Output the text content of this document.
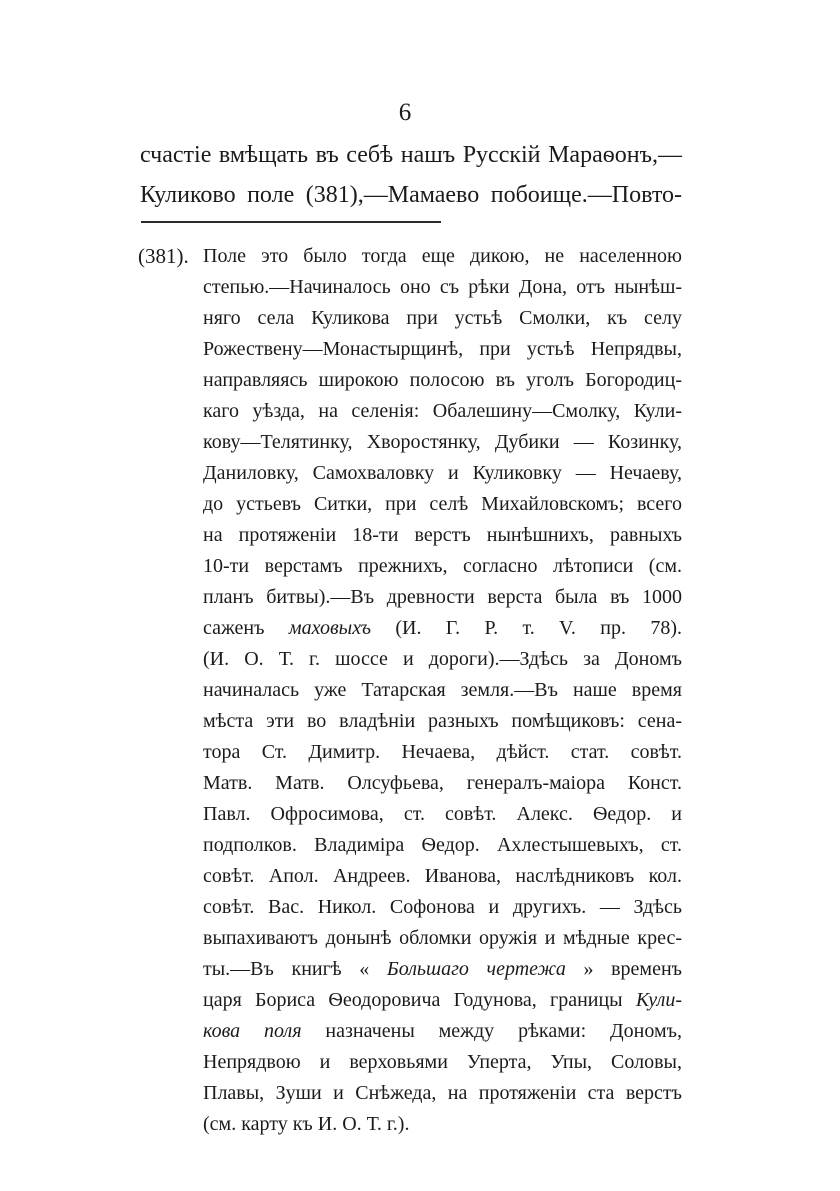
6
счастіе вмѣщать въ себѣ нашъ Русскій Мараѳонъ,—
Куликово поле (381),—Мамаево побоище.—Повто-
(381). Поле это было тогда еще дикою, не населенною
степью.—Начиналось оно съ рѣки Дона, отъ нынѣш-
няго села Куликова при устьѣ Смолки, къ селу
Рожествену—Монастырщинѣ, при устьѣ Непрядвы,
направляясь широкою полосою въ уголъ Богородиц-
каго уѣзда, на селенія: Обалешину—Смолку, Кули-
кову—Телятинку, Хворостянку, Дубики — Козинку,
Даниловку, Самохваловку и Куликовку — Нечаеву,
до устьевъ Ситки, при селѣ Михайловскомъ; всего
на протяженіи 18-ти верстъ нынѣшнихъ, равныхъ
10-ти верстамъ прежнихъ, согласно лѣтописи (см.
планъ битвы).—Въ древности верста была въ 1000
саженъ маховыхъ (И. Г. Р. т. V. пр. 78).
(И. О. Т. г. шоссе и дороги).—Здѣсь за Дономъ
начиналась уже Татарская земля.—Въ наше время
мѣста эти во владѣніи разныхъ помѣщиковъ: сена-
тора Ст. Димитр. Нечаева, дѣйст. стат. совѣт.
Матв. Матв. Олсуфьева, генералъ-маіора Конст.
Павл. Офросимова, ст. совѣт. Алекс. Ѳедор. и
подполков. Владиміра Ѳедор. Ахлестышевыхъ, ст.
совѣт. Апол. Андреев. Иванова, наслѣдниковъ кол.
совѣт. Вас. Никол. Софонова и другихъ. — Здѣсь
выпахиваютъ донынѣ обломки оружія и мѣдные крес-
ты.—Въ книгѣ « Большаго чертежа » временъ
царя Бориса Ѳеодоровича Годунова, границы Кули-
кова поля назначены между рѣками: Дономъ,
Непрядвою и верховьями Уперта, Упы, Соловы,
Плавы, Зуши и Снѣжеда, на протяженіи ста верстъ
(см. карту къ И. О. Т. г.).
